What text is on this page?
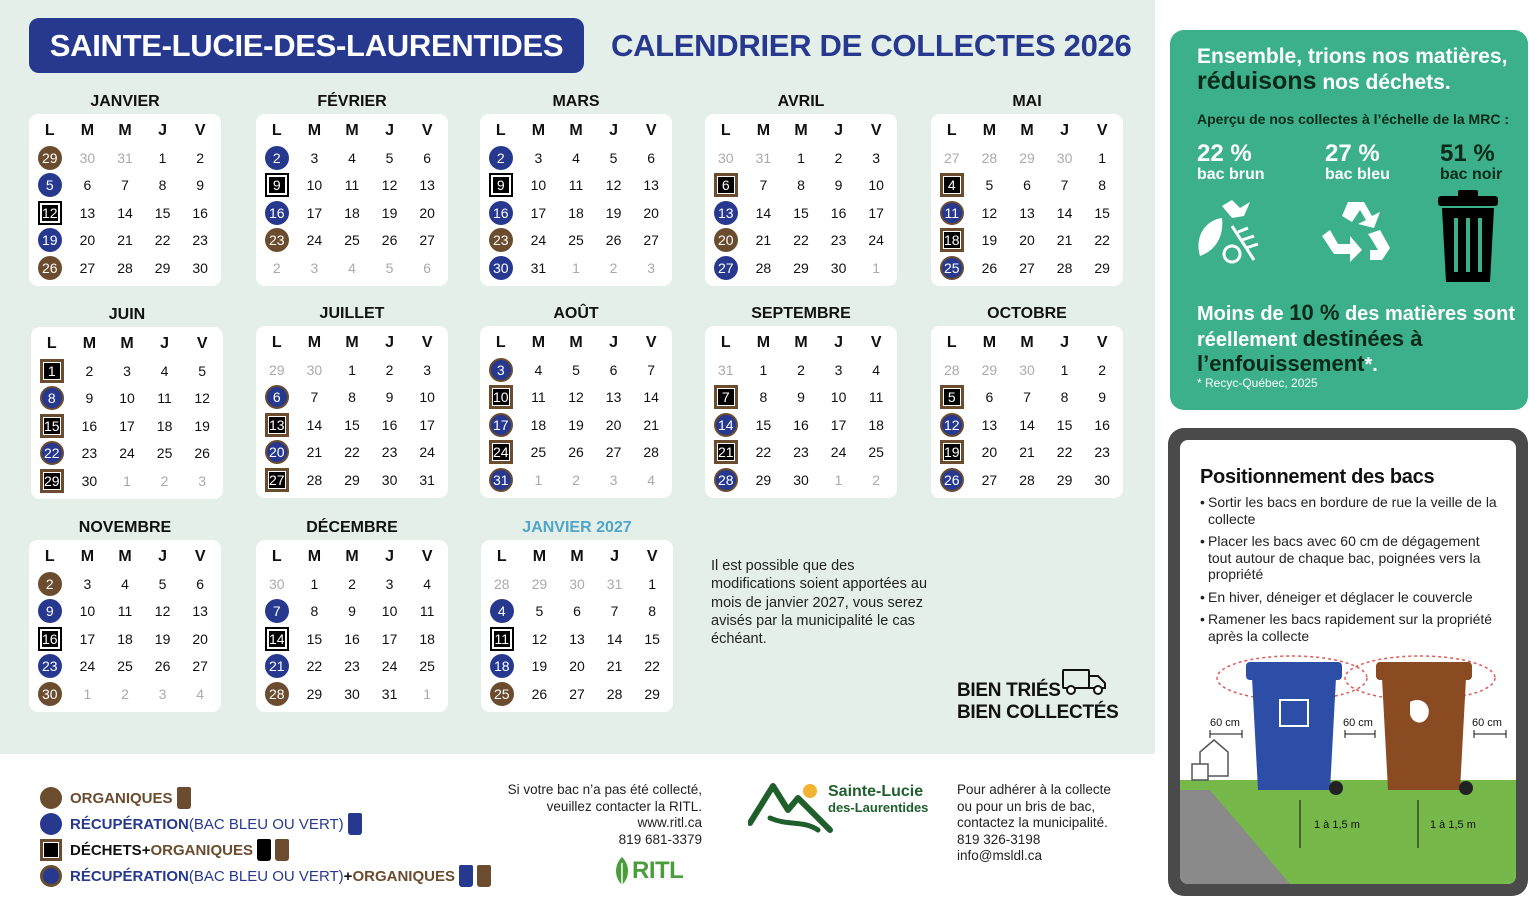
SAINTE-LUCIE-DES-LAURENTIDES	CALENDRIER DE COLLECTES 2026
JANVIER
L	M	M	J	V
29	30	31	1	2
5	6	7	8	9
12	13	14	15	16
19	20	21	22	23
26	27	28	29	30
FÉVRIER
L	M	M	J	V
2	3	4	5	6
9	10	11	12	13
16	17	18	19	20
23	24	25	26	27
2	3	4	5	6
MARS
L	M	M	J	V
2	3	4	5	6
9	10	11	12	13
16	17	18	19	20
23	24	25	26	27
30	31	1	2	3
AVRIL
L	M	M	J	V
30	31	1	2	3
6	7	8	9	10
13	14	15	16	17
20	21	22	23	24
27	28	29	30	1
MAI
L	M	M	J	V
27	28	29	30	1
4	5	6	7	8
11	12	13	14	15
18	19	20	21	22
25	26	27	28	29
JUIN
L	M	M	J	V
1	2	3	4	5
8	9	10	11	12
15	16	17	18	19
22	23	24	25	26
29	30	1	2	3
JUILLET
L	M	M	J	V
29	30	1	2	3
6	7	8	9	10
13	14	15	16	17
20	21	22	23	24
27	28	29	30	31
AOÛT
L	M	M	J	V
3	4	5	6	7
10	11	12	13	14
17	18	19	20	21
24	25	26	27	28
31	1	2	3	4
SEPTEMBRE
L	M	M	J	V
31	1	2	3	4
7	8	9	10	11
14	15	16	17	18
21	22	23	24	25
28	29	30	1	2
OCTOBRE
L	M	M	J	V
28	29	30	1	2
5	6	7	8	9
12	13	14	15	16
19	20	21	22	23
26	27	28	29	30
NOVEMBRE
L	M	M	J	V
2	3	4	5	6
9	10	11	12	13
16	17	18	19	20
23	24	25	26	27
30	1	2	3	4
DÉCEMBRE
L	M	M	J	V
30	1	2	3	4
7	8	9	10	11
14	15	16	17	18
21	22	23	24	25
28	29	30	31	1
JANVIER 2027
L	M	M	J	V
28	29	30	31	1
4	5	6	7	8
11	12	13	14	15
18	19	20	21	22
25	26	27	28	29
Il est possible que des modifications soient apportées au mois de janvier 2027, vous serez avisés par la municipalité le cas échéant.
BIEN TRIÉS
BIEN COLLECTÉS
ORGANIQUES
RÉCUPÉRATION (BAC BLEU OU VERT)
DÉCHETS + ORGANIQUES
RÉCUPÉRATION (BAC BLEU OU VERT) + ORGANIQUES
Si votre bac n’a pas été collecté,
veuillez contacter la RITL.
www.ritl.ca
819 681-3379
RITL
Sainte-Lucie
des-Laurentides
Pour adhérer à la collecte
ou pour un bris de bac,
contactez la municipalité.
819 326-3198
info@msldl.ca
Ensemble, trions nos matières,
réduisons nos déchets.
Aperçu de nos collectes à l’échelle de la MRC :
22 %
bac brun
27 %
bac bleu
51 %
bac noir
Moins de 10 % des matières sont réellement destinées à l’enfouissement*.
* Recyc-Québec, 2025
Positionnement des bacs
• Sortir les bacs en bordure de rue la veille de la collecte
• Placer les bacs avec 60 cm de dégagement tout autour de chaque bac, poignées vers la propriété
• En hiver, déneiger et déglacer le couvercle
• Ramener les bacs rapidement sur la propriété après la collecte
60 cm	60 cm	60 cm
1 à 1,5 m	1 à 1,5 m
